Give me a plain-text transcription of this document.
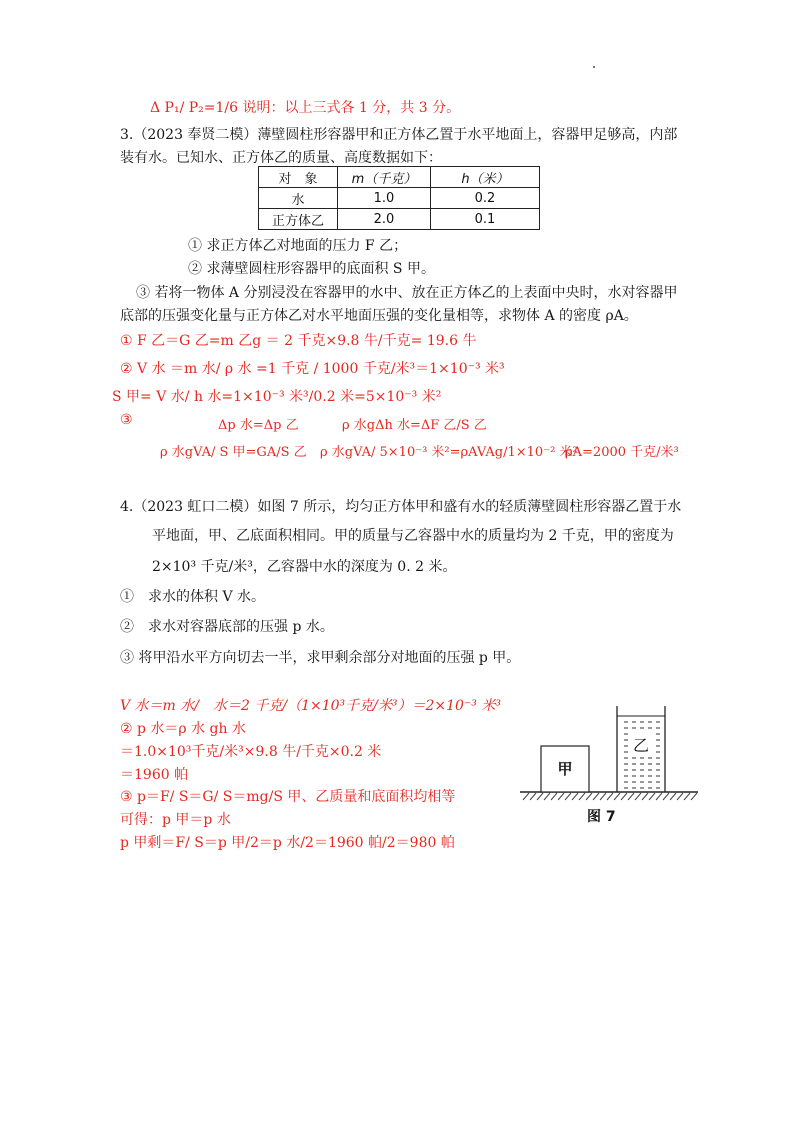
Δ P₁/ P₂=1/6 说明：以上三式各 1 分，共 3 分。
3.（2023 奉贤二模）薄壁圆柱形容器甲和正方体乙置于水平地面上，容器甲足够高，内部
装有水。已知水、正方体乙的质量、高度数据如下：
对　象	m（千克）	h（米）
水	1.0	0.2
正方体乙	2.0	0.1
① 求正方体乙对地面的压力 F 乙；
② 求薄壁圆柱形容器甲的底面积 S 甲。
③ 若将一物体 A 分别浸没在容器甲的水中、放在正方体乙的上表面中央时，水对容器甲
底部的压强变化量与正方体乙对水平地面压强的变化量相等，求物体 A 的密度 ρA。
① F 乙＝G 乙=m 乙g ＝ 2 千克×9.8 牛/千克= 19.6 牛
② V 水 ＝m 水/ ρ 水 =1 千克 / 1000 千克/米³＝1×10⁻³ 米³
S 甲= V 水/ h 水=1×10⁻³ 米³/0.2 米=5×10⁻³ 米²
③	Δp 水=Δp 乙	ρ 水gΔh 水=ΔF 乙/S 乙
ρ 水gVA/ S 甲=GA/S 乙 ρ 水gVA/ 5×10⁻³ 米²=ρAVAg/1×10⁻² 米²
ρA=2000 千克/米³
4.（2023 虹口二模）如图 7 所示，均匀正方体甲和盛有水的轻质薄壁圆柱形容器乙置于水
平地面，甲、乙底面积相同。甲的质量与乙容器中水的质量均为 2 千克，甲的密度为
2×10³ 千克/米³，乙容器中水的深度为 0. 2 米。
①　求水的体积 V 水。
②　求水对容器底部的压强 p 水。
③ 将甲沿水平方向切去一半，求甲剩余部分对地面的压强 p 甲。
V 水＝m 水/　水＝2 千克/（1×10³千克/米³）＝2×10⁻³ 米³
② p 水＝ρ 水 gh 水
＝1.0×10³千克/米³×9.8 牛/千克×0.2 米
＝1960 帕
③ p＝F/ S＝G/ S＝mg/S 甲、乙质量和底面积均相等
可得：p 甲＝p 水
p 甲剩＝F/ S＝p 甲/2＝p 水/2＝1960 帕/2＝980 帕
甲
乙
图 7
